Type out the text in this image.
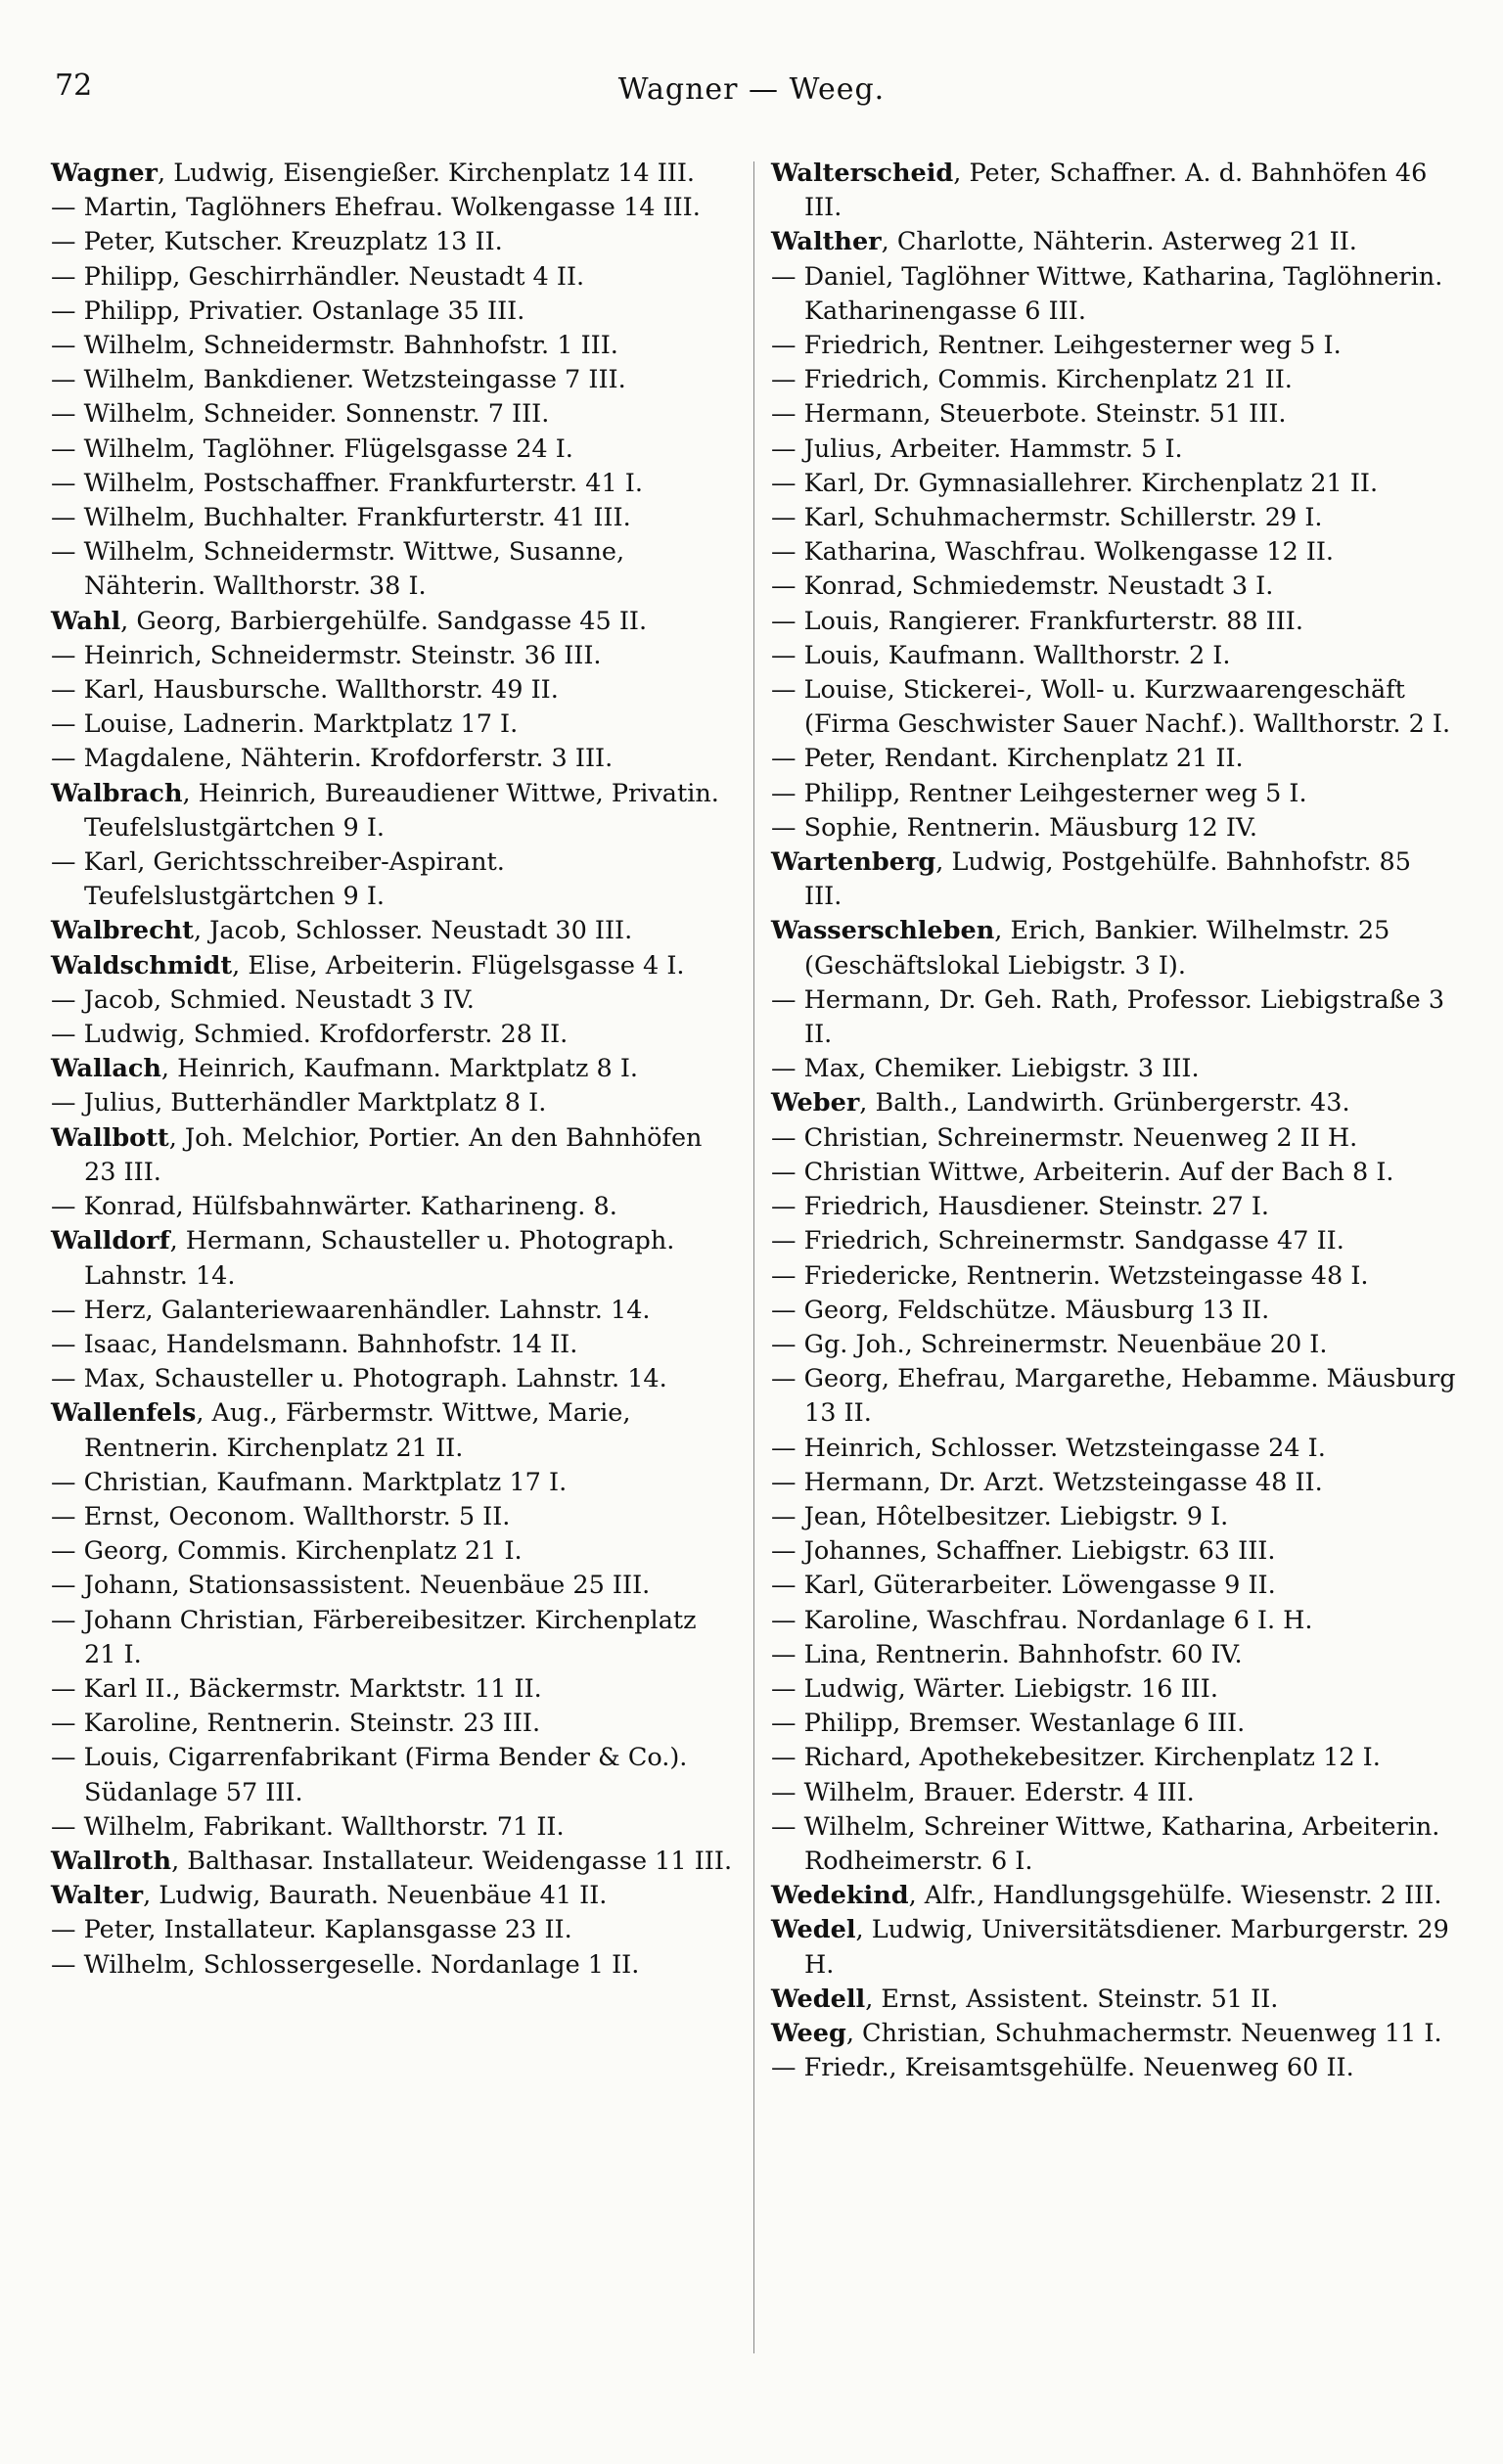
72	Wagner — Weeg.
Wagner, Ludwig, Eisengießer. Kirchenplatz 14 III.
— Martin, Taglöhners Ehefrau. Wolkengasse 14 III.
— Peter, Kutscher. Kreuzplatz 13 II.
— Philipp, Geschirrhändler. Neustadt 4 II.
— Philipp, Privatier. Ostanlage 35 III.
— Wilhelm, Schneidermstr. Bahnhofstr. 1 III.
— Wilhelm, Bankdiener. Wetzsteingasse 7 III.
— Wilhelm, Schneider. Sonnenstr. 7 III.
— Wilhelm, Taglöhner. Flügelsgasse 24 I.
— Wilhelm, Postschaffner. Frankfurterstr. 41 I.
— Wilhelm, Buchhalter. Frankfurterstr. 41 III.
— Wilhelm, Schneidermstr. Wittwe, Susanne, Nähterin. Wallthorstr. 38 I.
Wahl, Georg, Barbiergehülfe. Sandgasse 45 II.
— Heinrich, Schneidermstr. Steinstr. 36 III.
— Karl, Hausbursche. Wallthorstr. 49 II.
— Louise, Ladnerin. Marktplatz 17 I.
— Magdalene, Nähterin. Krofdorferstr. 3 III.
Walbrach, Heinrich, Bureaudiener Wittwe, Privatin. Teufelslustgärtchen 9 I.
— Karl, Gerichtsschreiber-Aspirant. Teufelslustgärtchen 9 I.
Walbrecht, Jacob, Schlosser. Neustadt 30 III.
Waldschmidt, Elise, Arbeiterin. Flügelsgasse 4 I.
— Jacob, Schmied. Neustadt 3 IV.
— Ludwig, Schmied. Krofdorferstr. 28 II.
Wallach, Heinrich, Kaufmann. Marktplatz 8 I.
— Julius, Butterhändler Marktplatz 8 I.
Wallbott, Joh. Melchior, Portier. An den Bahnhöfen 23 III.
— Konrad, Hülfsbahnwärter. Katharineng. 8.
Walldorf, Hermann, Schausteller u. Photograph. Lahnstr. 14.
— Herz, Galanteriewaarenhändler. Lahnstr. 14.
— Isaac, Handelsmann. Bahnhofstr. 14 II.
— Max, Schausteller u. Photograph. Lahnstr. 14.
Wallenfels, Aug., Färbermstr. Wittwe, Marie, Rentnerin. Kirchenplatz 21 II.
— Christian, Kaufmann. Marktplatz 17 I.
— Ernst, Oeconom. Wallthorstr. 5 II.
— Georg, Commis. Kirchenplatz 21 I.
— Johann, Stationsassistent. Neuenbäue 25 III.
— Johann Christian, Färbereibesitzer. Kirchenplatz 21 I.
— Karl II., Bäckermstr. Marktstr. 11 II.
— Karoline, Rentnerin. Steinstr. 23 III.
— Louis, Cigarrenfabrikant (Firma Bender & Co.). Südanlage 57 III.
— Wilhelm, Fabrikant. Wallthorstr. 71 II.
Wallroth, Balthasar. Installateur. Weidengasse 11 III.
Walter, Ludwig, Baurath. Neuenbäue 41 II.
— Peter, Installateur. Kaplansgasse 23 II.
— Wilhelm, Schlossergeselle. Nordanlage 1 II.
Walterscheid, Peter, Schaffner. A. d. Bahnhöfen 46 III.
Walther, Charlotte, Nähterin. Asterweg 21 II.
— Daniel, Taglöhner Wittwe, Katharina, Taglöhnerin. Katharinengasse 6 III.
— Friedrich, Rentner. Leihgesterner weg 5 I.
— Friedrich, Commis. Kirchenplatz 21 II.
— Hermann, Steuerbote. Steinstr. 51 III.
— Julius, Arbeiter. Hammstr. 5 I.
— Karl, Dr. Gymnasiallehrer. Kirchenplatz 21 II.
— Karl, Schuhmachermstr. Schillerstr. 29 I.
— Katharina, Waschfrau. Wolkengasse 12 II.
— Konrad, Schmiedemstr. Neustadt 3 I.
— Louis, Rangierer. Frankfurterstr. 88 III.
— Louis, Kaufmann. Wallthorstr. 2 I.
— Louise, Stickerei-, Woll- u. Kurzwaarengeschäft (Firma Geschwister Sauer Nachf.). Wallthorstr. 2 I.
— Peter, Rendant. Kirchenplatz 21 II.
— Philipp, Rentner Leihgesterner weg 5 I.
— Sophie, Rentnerin. Mäusburg 12 IV.
Wartenberg, Ludwig, Postgehülfe. Bahnhofstr. 85 III.
Wasserschleben, Erich, Bankier. Wilhelmstr. 25 (Geschäftslokal Liebigstr. 3 I).
— Hermann, Dr. Geh. Rath, Professor. Liebigstraße 3 II.
— Max, Chemiker. Liebigstr. 3 III.
Weber, Balth., Landwirth. Grünbergerstr. 43.
— Christian, Schreinermstr. Neuenweg 2 II H.
— Christian Wittwe, Arbeiterin. Auf der Bach 8 I.
— Friedrich, Hausdiener. Steinstr. 27 I.
— Friedrich, Schreinermstr. Sandgasse 47 II.
— Friedericke, Rentnerin. Wetzsteingasse 48 I.
— Georg, Feldschütze. Mäusburg 13 II.
— Gg. Joh., Schreinermstr. Neuenbäue 20 I.
— Georg, Ehefrau, Margarethe, Hebamme. Mäusburg 13 II.
— Heinrich, Schlosser. Wetzsteingasse 24 I.
— Hermann, Dr. Arzt. Wetzsteingasse 48 II.
— Jean, Hôtelbesitzer. Liebigstr. 9 I.
— Johannes, Schaffner. Liebigstr. 63 III.
— Karl, Güterarbeiter. Löwengasse 9 II.
— Karoline, Waschfrau. Nordanlage 6 I. H.
— Lina, Rentnerin. Bahnhofstr. 60 IV.
— Ludwig, Wärter. Liebigstr. 16 III.
— Philipp, Bremser. Westanlage 6 III.
— Richard, Apothekebesitzer. Kirchenplatz 12 I.
— Wilhelm, Brauer. Ederstr. 4 III.
— Wilhelm, Schreiner Wittwe, Katharina, Arbeiterin. Rodheimerstr. 6 I.
Wedekind, Alfr., Handlungsgehülfe. Wiesenstr. 2 III.
Wedel, Ludwig, Universitätsdiener. Marburgerstr. 29 H.
Wedell, Ernst, Assistent. Steinstr. 51 II.
Weeg, Christian, Schuhmachermstr. Neuenweg 11 I.
— Friedr., Kreisamtsgehülfe. Neuenweg 60 II.
